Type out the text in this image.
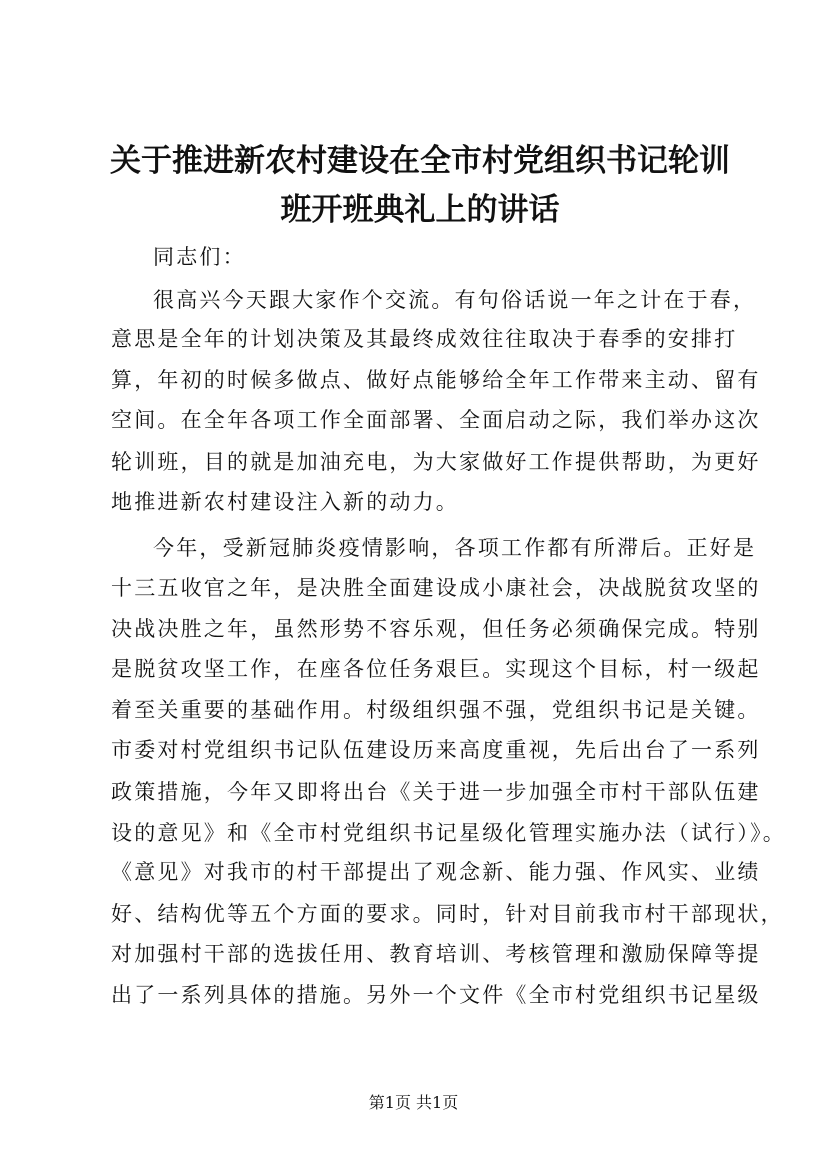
关于推进新农村建设在全市村党组织书记轮训
班开班典礼上的讲话
同志们：
很高兴今天跟大家作个交流。有句俗话说一年之计在于春，
意思是全年的计划决策及其最终成效往往取决于春季的安排打
算，年初的时候多做点、做好点能够给全年工作带来主动、留有
空间。在全年各项工作全面部署、全面启动之际，我们举办这次
轮训班，目的就是加油充电，为大家做好工作提供帮助，为更好
地推进新农村建设注入新的动力。
今年，受新冠肺炎疫情影响，各项工作都有所滞后。正好是
十三五收官之年，是决胜全面建设成小康社会，决战脱贫攻坚的
决战决胜之年，虽然形势不容乐观，但任务必须确保完成。特别
是脱贫攻坚工作，在座各位任务艰巨。实现这个目标，村一级起
着至关重要的基础作用。村级组织强不强，党组织书记是关键。
市委对村党组织书记队伍建设历来高度重视，先后出台了一系列
政策措施，今年又即将出台《关于进一步加强全市村干部队伍建
设的意见》和《全市村党组织书记星级化管理实施办法（试行）》。
《意见》对我市的村干部提出了观念新、能力强、作风实、业绩
好、结构优等五个方面的要求。同时，针对目前我市村干部现状，
对加强村干部的选拔任用、教育培训、考核管理和激励保障等提
出了一系列具体的措施。另外一个文件《全市村党组织书记星级
第1页 共1页
